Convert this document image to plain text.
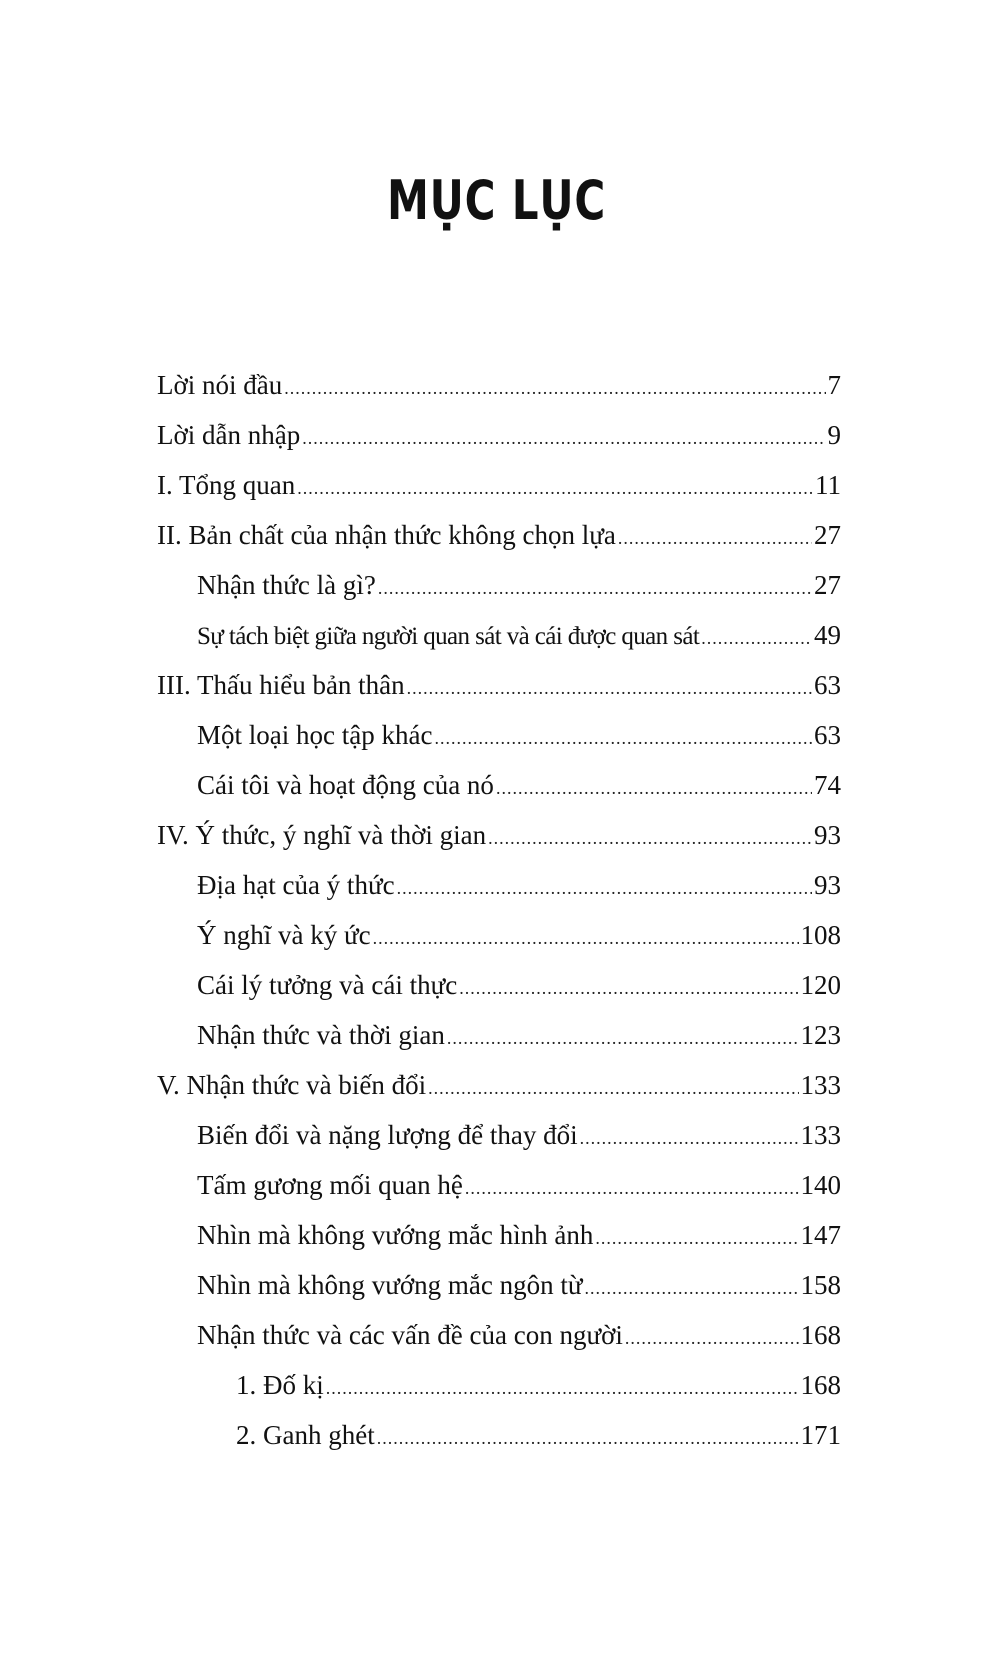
MỤC LỤC
Lời nói đầu .....	7
Lời dẫn nhập .....	9
I. Tổng quan .....	11
II. Bản chất của nhận thức không chọn lựa .....	27
Nhận thức là gì? .....	27
Sự tách biệt giữa người quan sát và cái được quan sát .....	49
III. Thấu hiểu bản thân .....	63
Một loại học tập khác .....	63
Cái tôi và hoạt động của nó .....	74
IV. Ý thức, ý nghĩ và thời gian .....	93
Địa hạt của ý thức .....	93
Ý nghĩ và ký ức .....	108
Cái lý tưởng và cái thực .....	120
Nhận thức và thời gian .....	123
V. Nhận thức và biến đổi .....	133
Biến đổi và nặng lượng để thay đổi .....	133
Tấm gương mối quan hệ .....	140
Nhìn mà không vướng mắc hình ảnh .....	147
Nhìn mà không vướng mắc ngôn từ .....	158
Nhận thức và các vấn đề của con người .....	168
1. Đố kị .....	168
2. Ganh ghét .....	171
